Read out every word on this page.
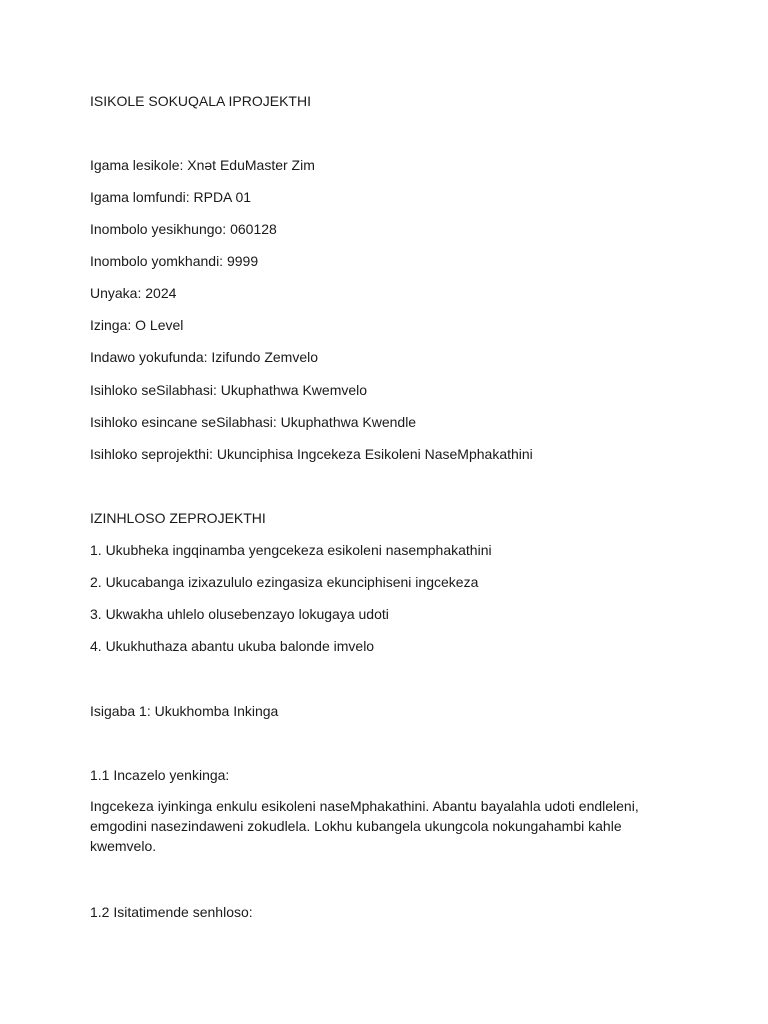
ISIKOLE SOKUQALA IPROJEKTHI

Igama lesikole: Xnət EduMaster Zim

Igama lomfundi: RPDA 01

Inombolo yesikhungo: 060128

Inombolo yomkhandi: 9999

Unyaka: 2024

Izinga: O Level

Indawo yokufunda: Izifundo Zemvelo

Isihloko seSilabhasi: Ukuphathwa Kwemvelo

Isihloko esincane seSilabhasi: Ukuphathwa Kwendle

Isihloko seprojekthi: Ukunciphisa Ingcekeza Esikoleni NaseMphakathini

IZINHLOSO ZEPROJEKTHI

1. Ukubheka ingqinamba yengcekeza esikoleni nasemphakathini

2. Ukucabanga izixazululo ezingasiza ekunciphiseni ingcekeza

3. Ukwakha uhlelo olusebenzayo lokugaya udoti

4. Ukukhuthaza abantu ukuba balonde imvelo

Isigaba 1: Ukukhomba Inkinga

1.1 Incazelo yenkinga:

Ingcekeza iyinkinga enkulu esikoleni naseMphakathini. Abantu bayalahla udoti endleleni, emgodini nasezindaweni zokudlela. Lokhu kubangela ukungcola nokungahambi kahle kwemvelo.

1.2 Isitatimende senhloso:
